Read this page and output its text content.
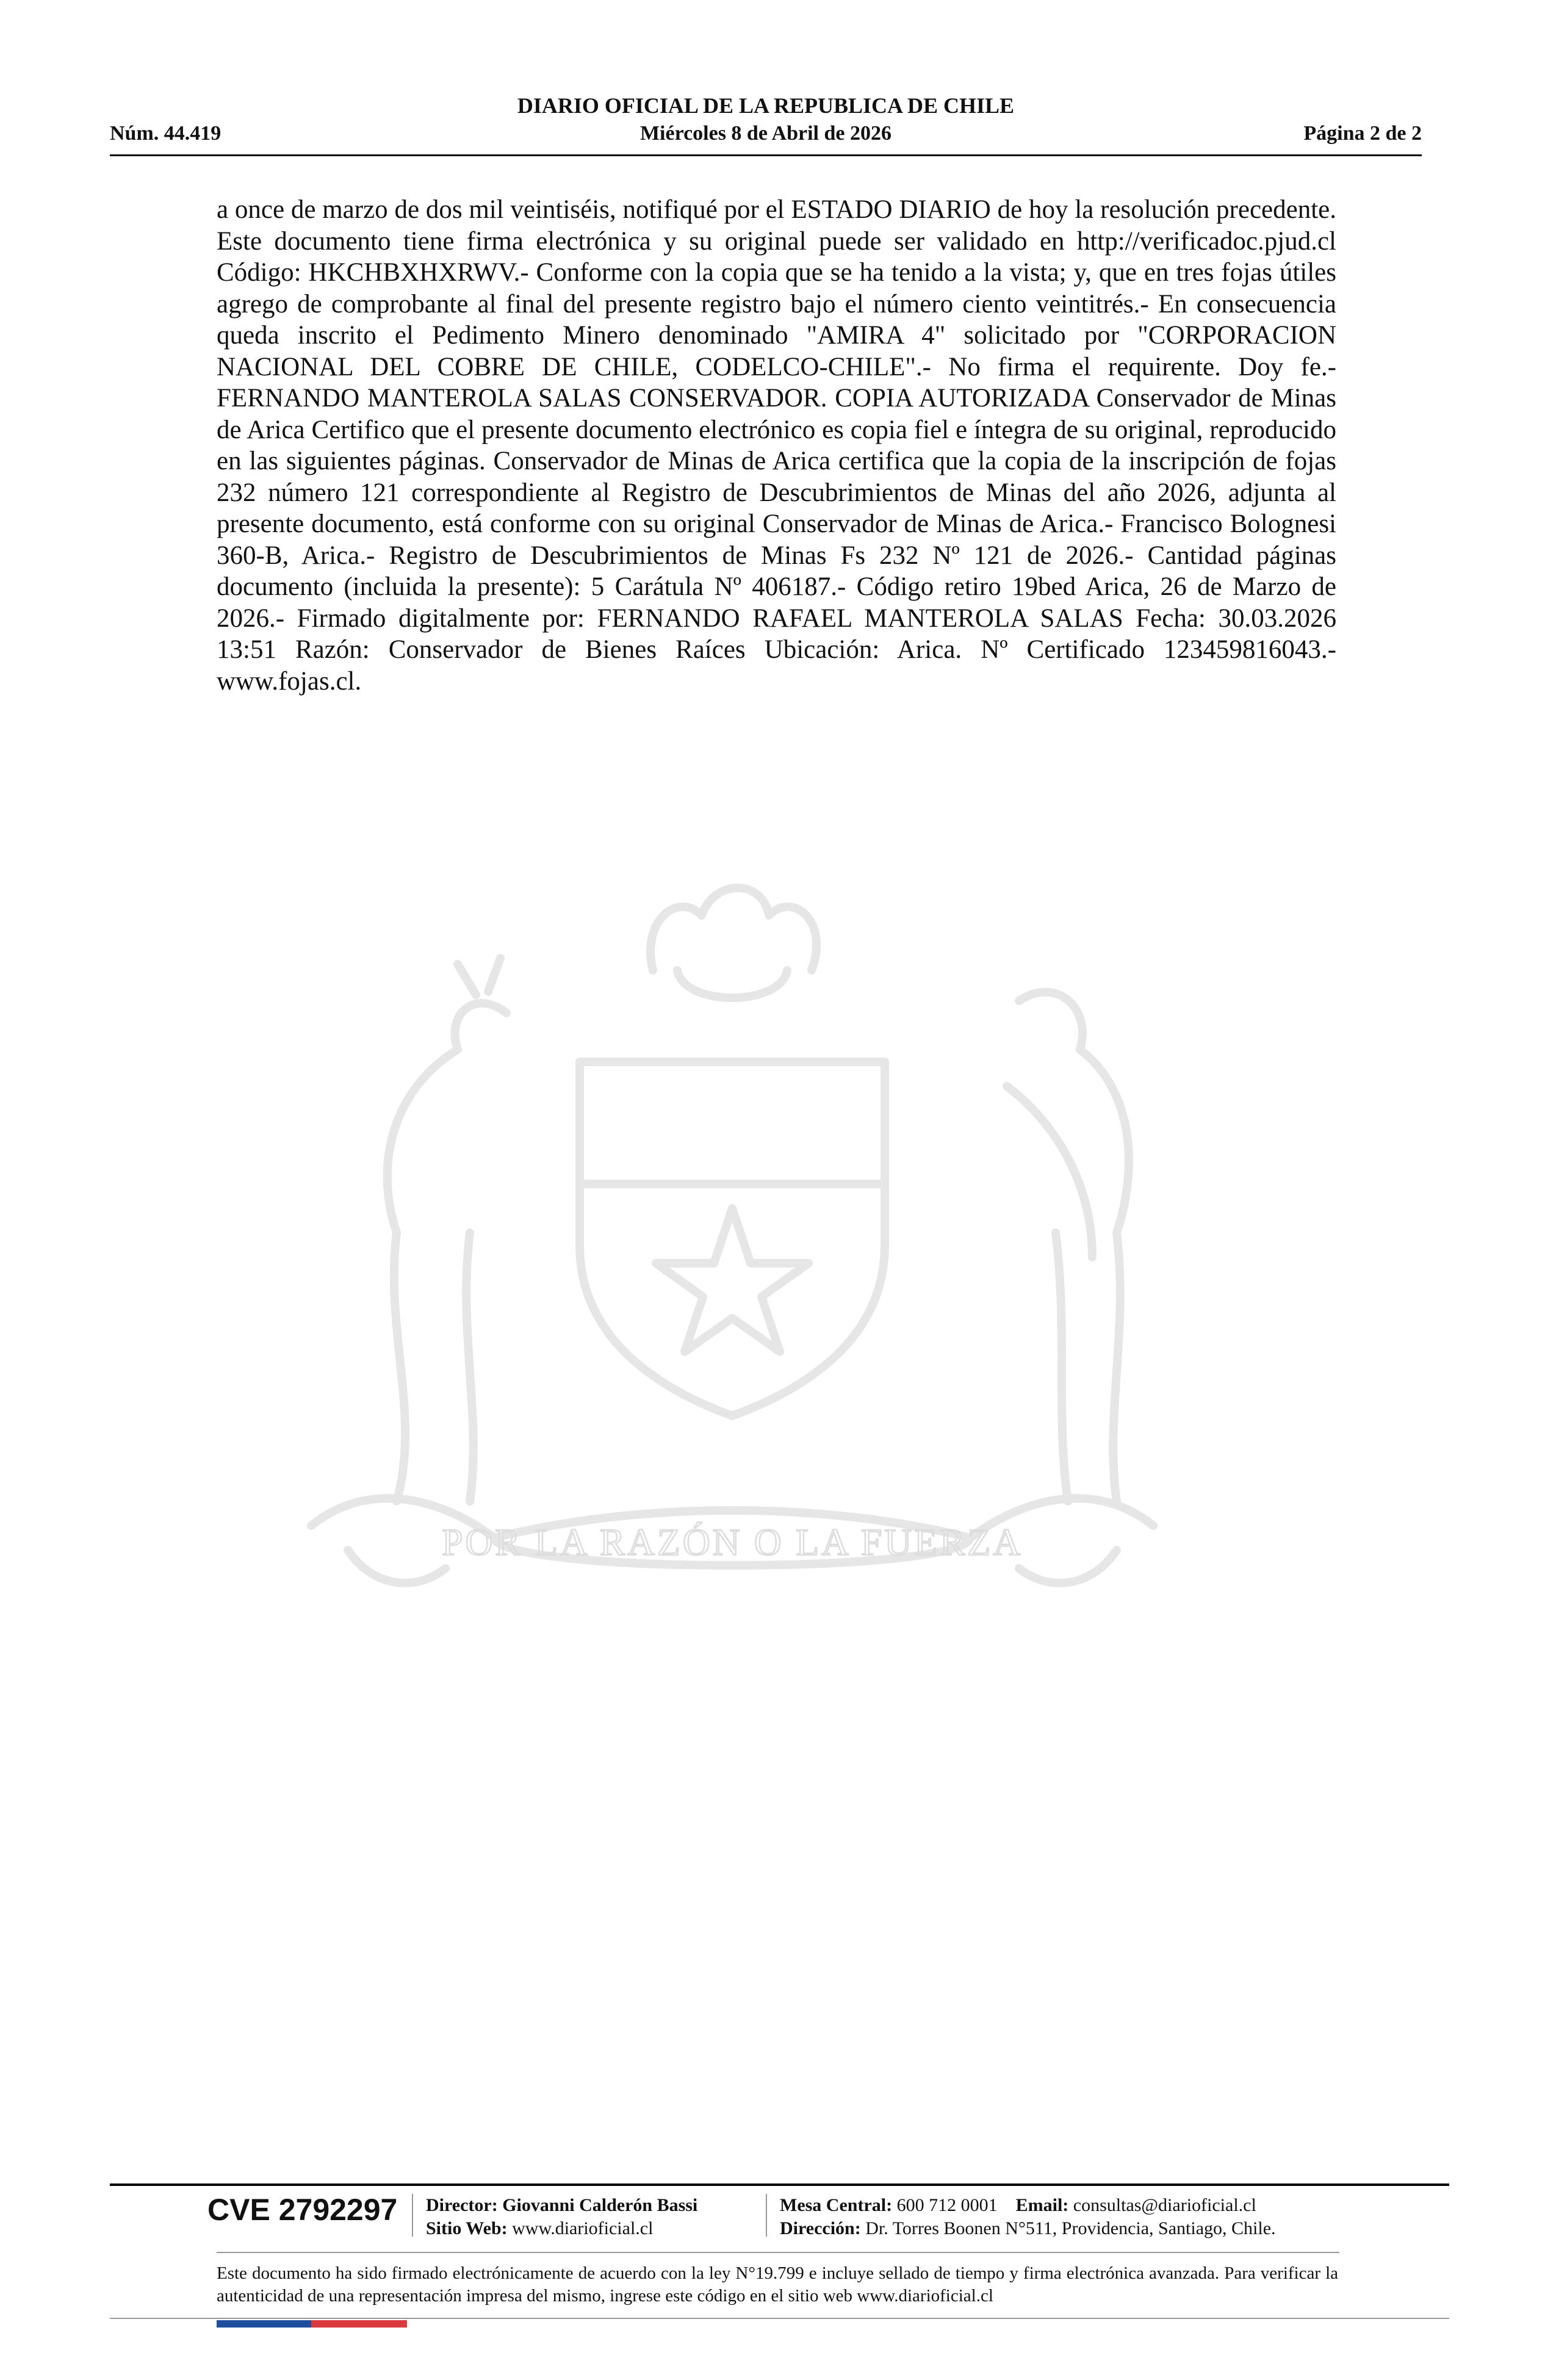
DIARIO OFICIAL DE LA REPUBLICA DE CHILE
Núm. 44.419	Miércoles 8 de Abril de 2026	Página 2 de 2
a once de marzo de dos mil veintiséis, notifiqué por el ESTADO DIARIO de hoy la resolución precedente. Este documento tiene firma electrónica y su original puede ser validado en http://verificadoc.pjud.cl Código: HKCHBXHXRWV.- Conforme con la copia que se ha tenido a la vista; y, que en tres fojas útiles agrego de comprobante al final del presente registro bajo el número ciento veintitrés.- En consecuencia queda inscrito el Pedimento Minero denominado "AMIRA 4" solicitado por "CORPORACION NACIONAL DEL COBRE DE CHILE, CODELCO-CHILE".- No firma el requirente. Doy fe.- FERNANDO MANTEROLA SALAS CONSERVADOR. COPIA AUTORIZADA Conservador de Minas de Arica Certifico que el presente documento electrónico es copia fiel e íntegra de su original, reproducido en las siguientes páginas. Conservador de Minas de Arica certifica que la copia de la inscripción de fojas 232 número 121 correspondiente al Registro de Descubrimientos de Minas del año 2026, adjunta al presente documento, está conforme con su original Conservador de Minas de Arica.- Francisco Bolognesi 360-B, Arica.- Registro de Descubrimientos de Minas Fs 232 Nº 121 de 2026.- Cantidad páginas documento (incluida la presente): 5 Carátula Nº 406187.- Código retiro 19bed Arica, 26 de Marzo de 2026.- Firmado digitalmente por: FERNANDO RAFAEL MANTEROLA SALAS Fecha: 30.03.2026 13:51 Razón: Conservador de Bienes Raíces Ubicación: Arica. Nº Certificado 123459816043.- www.fojas.cl.
POR LA RAZÓN O LA FUERZA
CVE 2792297 Director: Giovanni Calderón Bassi
Sitio Web: www.diarioficial.cl
Mesa Central: 600 712 0001 Email: consultas@diarioficial.cl
Dirección: Dr. Torres Boonen N°511, Providencia, Santiago, Chile.
Este documento ha sido firmado electrónicamente de acuerdo con la ley N°19.799 e incluye sellado de tiempo y firma electrónica avanzada. Para verificar la autenticidad de una representación impresa del mismo, ingrese este código en el sitio web www.diarioficial.cl
